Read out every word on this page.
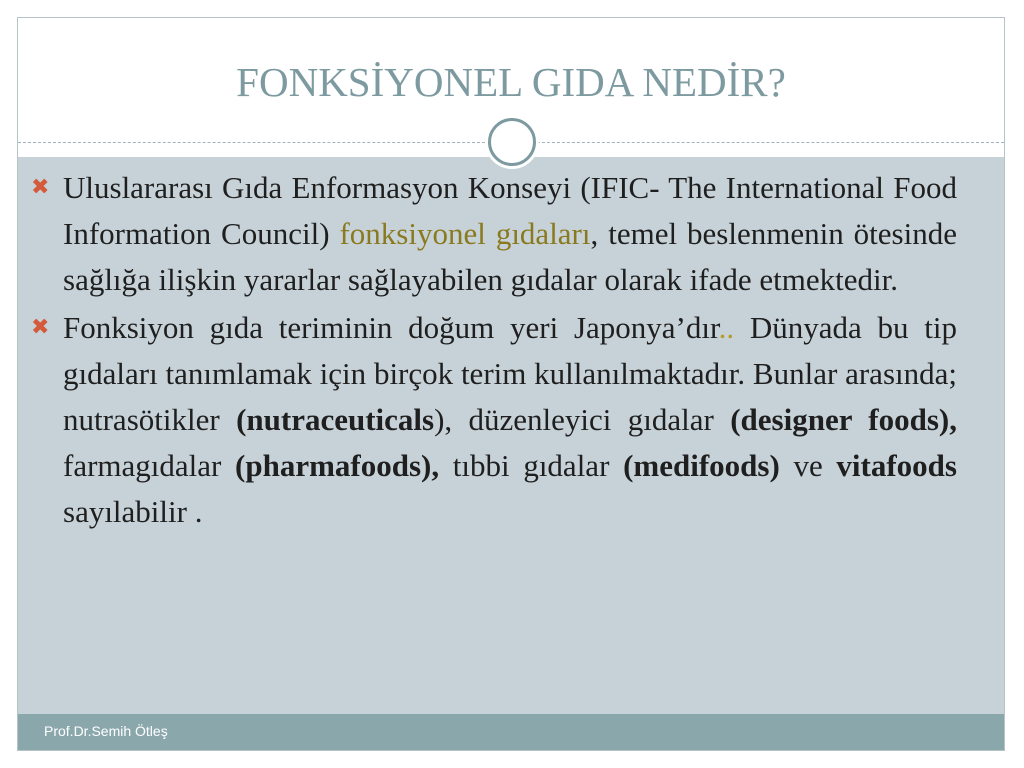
FONKSİYONEL GIDA NEDİR?
Prof.Dr.Semih Ötleş

✖ Uluslararası Gıda Enformasyon Konseyi (IFIC- The International Food Information Council) fonksiyonel gıdaları, temel beslenmenin ötesinde sağlığa ilişkin yararlar sağlayabilen gıdalar olarak ifade etmektedir.

✖ Fonksiyon gıda teriminin doğum yeri Japonya’dır.. Dünyada bu tip gıdaları tanımlamak için birçok terim kullanılmaktadır. Bunlar arasında; nutrasötikler (nutraceuticals), düzenleyici gıdalar (designer foods), farmagıdalar (pharmafoods), tıbbi gıdalar (medifoods) ve vitafoods sayılabilir .
